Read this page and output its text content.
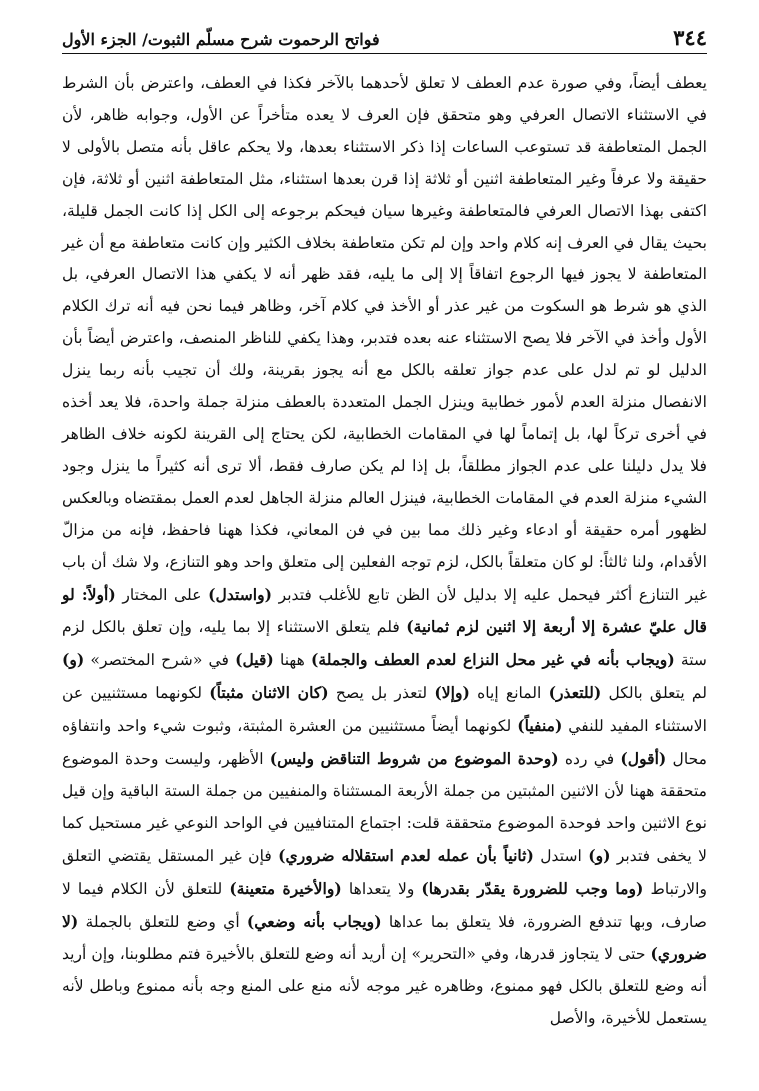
٣٤٤
فواتح الرحموت شرح مسلّم الثبوت/ الجزء الأول

يعطف أيضاً، وفي صورة عدم العطف لا تعلق لأحدهما بالآخر فكذا في العطف، واعترض بأن الشرط في الاستثناء الاتصال العرفي وهو متحقق فإن العرف لا يعده متأخراً عن الأول، وجوابه ظاهر، لأن الجمل المتعاطفة قد تستوعب الساعات إذا ذكر الاستثناء بعدها، ولا يحكم عاقل بأنه متصل بالأولى لا حقيقة ولا عرفاً وغير المتعاطفة اثنين أو ثلاثة إذا قرن بعدها استثناء، مثل المتعاطفة اثنين أو ثلاثة، فإن اكتفى بهذا الاتصال العرفي فالمتعاطفة وغيرها سيان فيحكم برجوعه إلى الكل إذا كانت الجمل قليلة، بحيث يقال في العرف إنه كلام واحد وإن لم تكن متعاطفة بخلاف الكثير وإن كانت متعاطفة مع أن غير المتعاطفة لا يجوز فيها الرجوع اتفاقاً إلا إلى ما يليه، فقد ظهر أنه لا يكفي هذا الاتصال العرفي، بل الذي هو شرط هو السكوت من غير عذر أو الأخذ في كلام آخر، وظاهر فيما نحن فيه أنه ترك الكلام الأول وأخذ في الآخر فلا يصح الاستثناء عنه بعده فتدبر، وهذا يكفي للناظر المنصف، واعترض أيضاً بأن الدليل لو تم لدل على عدم جواز تعلقه بالكل مع أنه يجوز بقرينة، ولك أن تجيب بأنه ربما ينزل الانفصال منزلة العدم لأمور خطابية وينزل الجمل المتعددة بالعطف منزلة جملة واحدة، فلا يعد أخذه في أخرى تركاً لها، بل إتماماً لها في المقامات الخطابية، لكن يحتاج إلى القرينة لكونه خلاف الظاهر فلا يدل دليلنا على عدم الجواز مطلقاً، بل إذا لم يكن صارف فقط، ألا ترى أنه كثيراً ما ينزل وجود الشيء منزلة العدم في المقامات الخطابية، فينزل العالم منزلة الجاهل لعدم العمل بمقتضاه وبالعكس لظهور أمره حقيقة أو ادعاء وغير ذلك مما بين في فن المعاني، فكذا ههنا فاحفظ، فإنه من مزالّ الأقدام، ولنا ثالثاً: لو كان متعلقاً بالكل، لزم توجه الفعلين إلى متعلق واحد وهو التنازع، ولا شك أن باب غير التنازع أكثر فيحمل عليه إلا بدليل لأن الظن تابع للأغلب فتدبر (واستدل) على المختار (أولاً: لو قال عليّ عشرة إلا أربعة إلا اثنين لزم ثمانية) فلم يتعلق الاستثناء إلا بما يليه، وإن تعلق بالكل لزم ستة (ويجاب بأنه في غير محل النزاع لعدم العطف والجملة) ههنا (قيل) في «شرح المختصر» (و) لم يتعلق بالكل (للتعذر) المانع إياه (وإلا) لتعذر بل يصح (كان الاثنان مثبتاً) لكونهما مستثنيين عن الاستثناء المفيد للنفي (منفياً) لكونهما أيضاً مستثنيين من العشرة المثبتة، وثبوت شيء واحد وانتفاؤه محال (أقول) في رده (وحدة الموضوع من شروط التناقض وليس) الأظهر، وليست وحدة الموضوع متحققة ههنا لأن الاثنين المثبتين من جملة الأربعة المستثناة والمنفيين من جملة الستة الباقية وإن قيل نوع الاثنين واحد فوحدة الموضوع متحققة قلت: اجتماع المتنافيين في الواحد النوعي غير مستحيل كما لا يخفى فتدبر (و) استدل (ثانياً بأن عمله لعدم استقلاله ضروري) فإن غير المستقل يقتضي التعلق والارتباط (وما وجب للضرورة يقدّر بقدرها) ولا يتعداها (والأخيرة متعينة) للتعلق لأن الكلام فيما لا صارف، وبها تندفع الضرورة، فلا يتعلق بما عداها (ويجاب بأنه وضعي) أي وضع للتعلق بالجملة (لا ضروري) حتى لا يتجاوز قدرها، وفي «التحرير» إن أريد أنه وضع للتعلق بالأخيرة فتم مطلوبنا، وإن أريد أنه وضع للتعلق بالكل فهو ممنوع، وظاهره غير موجه لأنه منع على المنع وجه بأنه ممنوع وباطل لأنه يستعمل للأخيرة، والأصل
